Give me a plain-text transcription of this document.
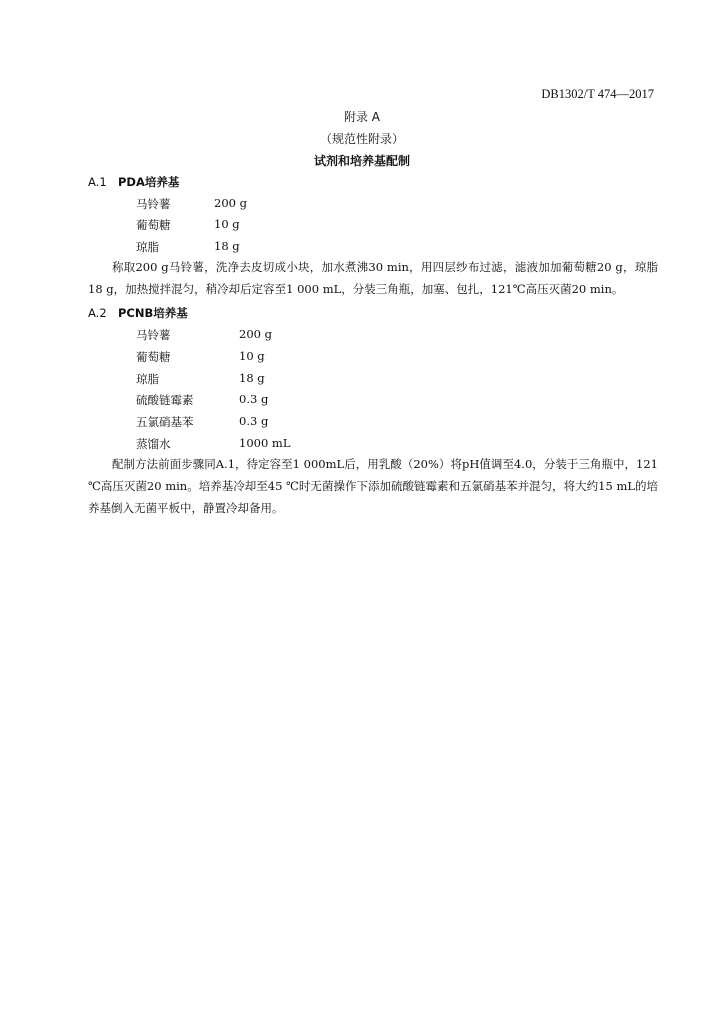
DB1302/T 474—2017
附录 A
（规范性附录）
试剂和培养基配制
A.1 PDA培养基
马铃薯	200 g
葡萄糖	10 g
琼脂	18 g
称取200 g马铃薯，洗净去皮切成小块，加水煮沸30 min，用四层纱布过滤，滤液加加葡萄糖20 g，琼脂18 g，加热搅拌混匀，稍冷却后定容至1 000 mL，分装三角瓶，加塞、包扎，121℃高压灭菌20 min。
A.2 PCNB培养基
马铃薯	200 g
葡萄糖	10 g
琼脂	18 g
硫酸链霉素	0.3 g
五氯硝基苯	0.3 g
蒸馏水	1000 mL
配制方法前面步骤同A.1，待定容至1 000mL后，用乳酸（20%）将pH值调至4.0，分装于三角瓶中，121 ℃高压灭菌20 min。培养基冷却至45 ℃时无菌操作下添加硫酸链霉素和五氯硝基苯并混匀，将大约15 mL的培养基倒入无菌平板中，静置冷却备用。
